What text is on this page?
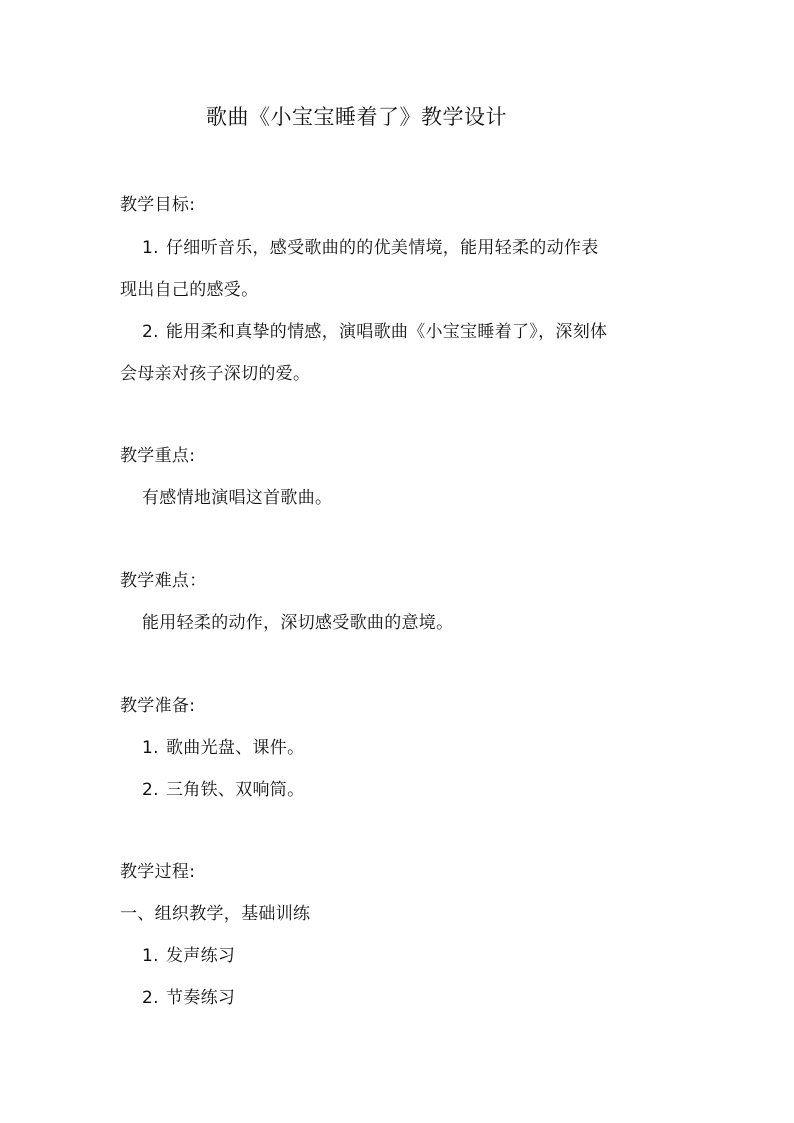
歌曲《小宝宝睡着了》教学设计
教学目标:
1. 仔细听音乐，感受歌曲的的优美情境，能用轻柔的动作表
现出自己的感受。
2. 能用柔和真挚的情感，演唱歌曲《小宝宝睡着了》，深刻体
会母亲对孩子深切的爱。
教学重点:
有感情地演唱这首歌曲。
教学难点：
能用轻柔的动作，深切感受歌曲的意境。
教学准备:
1. 歌曲光盘、课件。
2. 三角铁、双响筒。
教学过程:
一、组织教学，基础训练
1. 发声练习
2. 节奏练习
